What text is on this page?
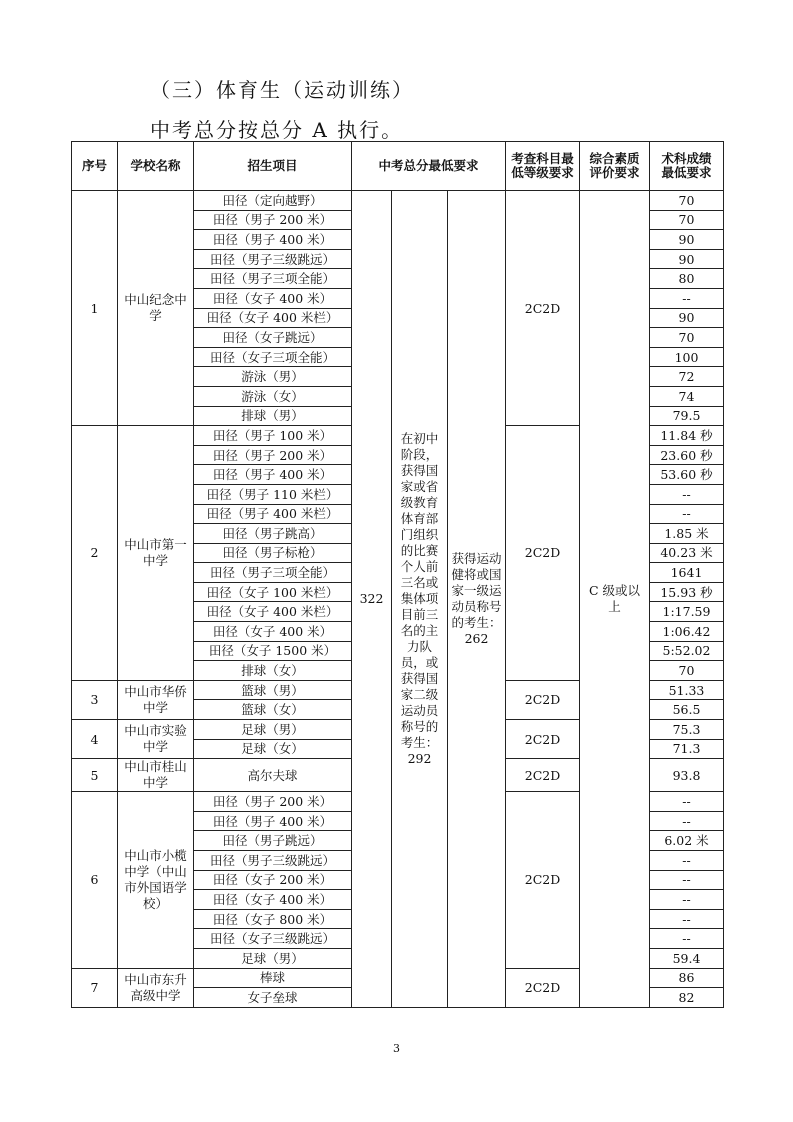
（三）体育生（运动训练）
中考总分按总分 A 执行。
序号	学校名称	招生项目	中考总分最低要求			考查科目最低等级要求	综合素质评价要求	术科成绩最低要求
1	中山纪念中学	田径（定向越野）	322	在初中阶段，获得国家或省级教育体育部门组织的比赛个人前三名或集体项目前三名的主力队员，或获得国家二级运动员称号的考生：292	获得运动健将或国家一级运动员称号的考生：262	2C2D	C 级或以上	70
		田径（男子 200 米）						70
		田径（男子 400 米）						90
		田径（男子三级跳远）						90
		田径（男子三项全能）						80
		田径（女子 400 米）						--
		田径（女子 400 米栏）						90
		田径（女子跳远）						70
		田径（女子三项全能）						100
		游泳（男）						72
		游泳（女）						74
		排球（男）						79.5
2	中山市第一中学	田径（男子 100 米）				2C2D		11.84 秒
		田径（男子 200 米）						23.60 秒
		田径（男子 400 米）						53.60 秒
		田径（男子 110 米栏）						--
		田径（男子 400 米栏）						--
		田径（男子跳高）						1.85 米
		田径（男子标枪）						40.23 米
		田径（男子三项全能）						1641
		田径（女子 100 米栏）						15.93 秒
		田径（女子 400 米栏）						1:17.59
		田径（女子 400 米）						1:06.42
		田径（女子 1500 米）						5:52.02
		排球（女）						70
3	中山市华侨中学	篮球（男）				2C2D		51.33
		篮球（女）						56.5
4	中山市实验中学	足球（男）				2C2D		75.3
		足球（女）						71.3
5	中山市桂山中学	高尔夫球				2C2D		93.8
6	中山市小榄中学（中山市外国语学校）	田径（男子 200 米）				2C2D		--
		田径（男子 400 米）						--
		田径（男子跳远）						6.02 米
		田径（男子三级跳远）						--
		田径（女子 200 米）						--
		田径（女子 400 米）						--
		田径（女子 800 米）						--
		田径（女子三级跳远）						--
		足球（男）						59.4
7	中山市东升高级中学	棒球				2C2D		86
		女子垒球						82
3
